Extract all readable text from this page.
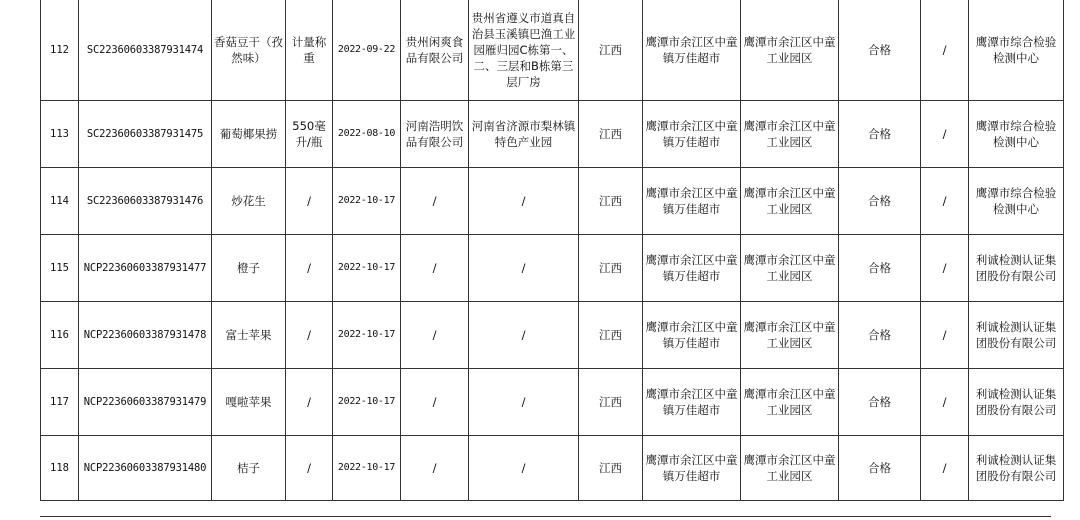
112	SC22360603387931474	香菇豆干（孜然味）	计量称重	2022-09-22	贵州闲爽食品有限公司	贵州省遵义市道真自治县玉溪镇巴渔工业园雁归园C栋第一、二、三层和B栋第三层厂房	江西	鹰潭市余江区中童镇万佳超市	鹰潭市余江区中童工业园区	合格	/	鹰潭市综合检验检测中心
113	SC22360603387931475	葡萄椰果捞	550毫升/瓶	2022-08-10	河南浩明饮品有限公司	河南省济源市梨林镇特色产业园	江西	鹰潭市余江区中童镇万佳超市	鹰潭市余江区中童工业园区	合格	/	鹰潭市综合检验检测中心
114	SC22360603387931476	炒花生	/	2022-10-17	/	/	江西	鹰潭市余江区中童镇万佳超市	鹰潭市余江区中童工业园区	合格	/	鹰潭市综合检验检测中心
115	NCP22360603387931477	橙子	/	2022-10-17	/	/	江西	鹰潭市余江区中童镇万佳超市	鹰潭市余江区中童工业园区	合格	/	利诚检测认证集团股份有限公司
116	NCP22360603387931478	富士苹果	/	2022-10-17	/	/	江西	鹰潭市余江区中童镇万佳超市	鹰潭市余江区中童工业园区	合格	/	利诚检测认证集团股份有限公司
117	NCP22360603387931479	嘎啦苹果	/	2022-10-17	/	/	江西	鹰潭市余江区中童镇万佳超市	鹰潭市余江区中童工业园区	合格	/	利诚检测认证集团股份有限公司
118	NCP22360603387931480	桔子	/	2022-10-17	/	/	江西	鹰潭市余江区中童镇万佳超市	鹰潭市余江区中童工业园区	合格	/	利诚检测认证集团股份有限公司
